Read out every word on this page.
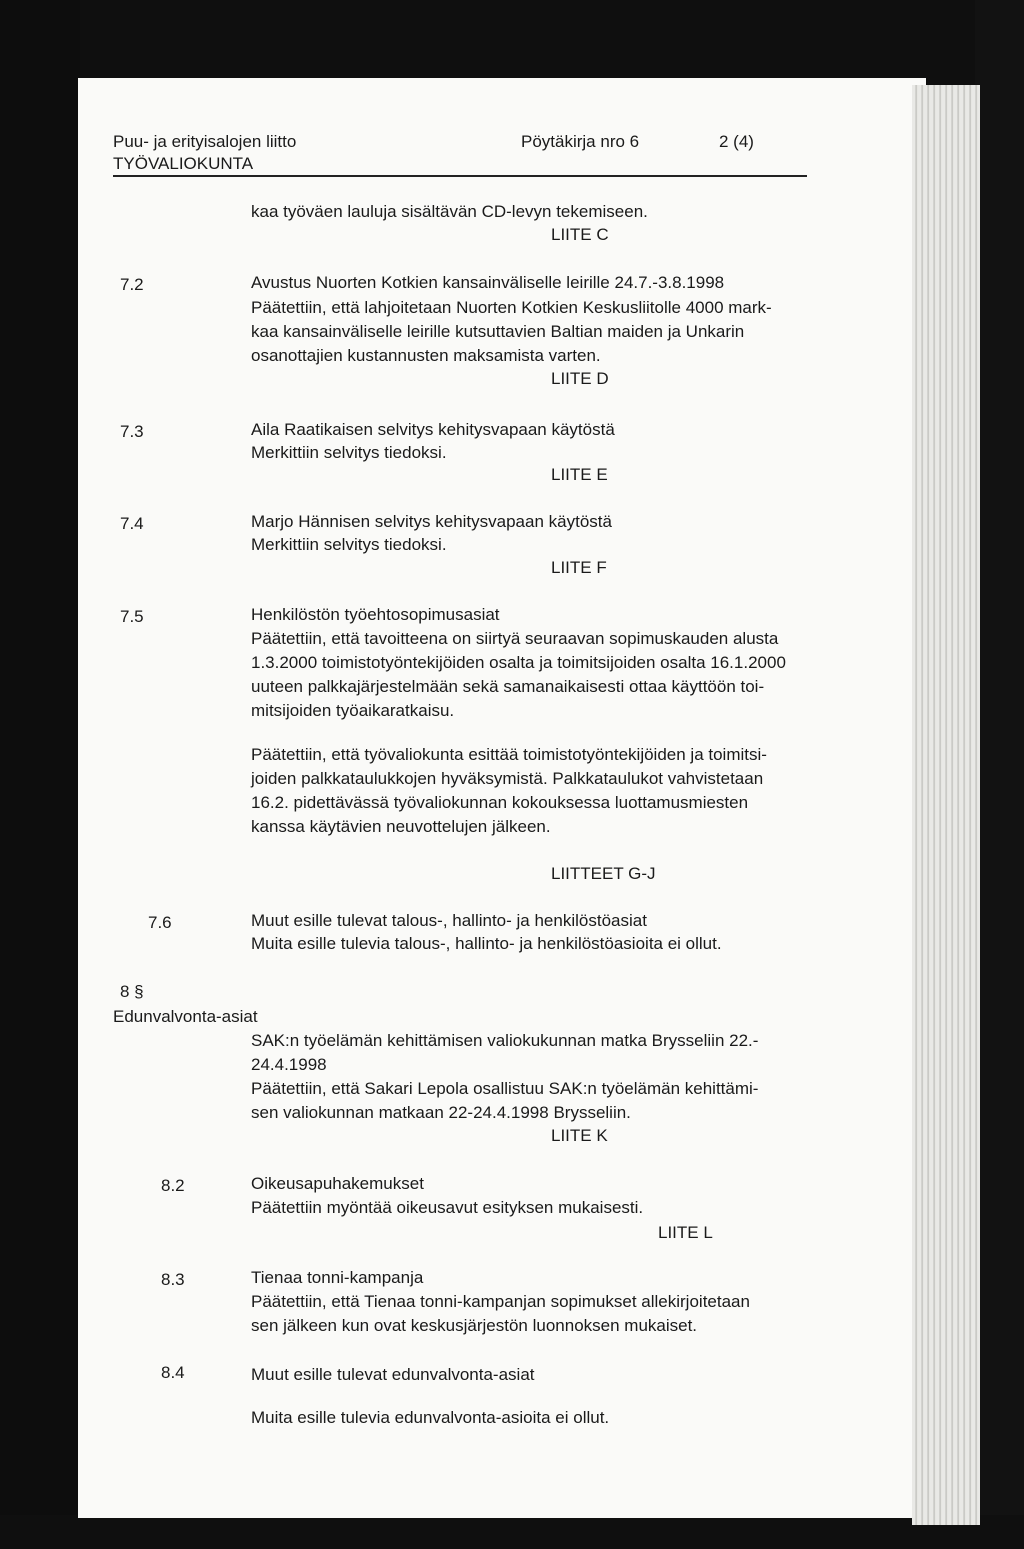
Puu- ja erityisalojen liitto
TYÖVALIOKUNTA
Pöytäkirja nro 6	2 (4)
kaa työväen lauluja sisältävän CD-levyn tekemiseen.
LIITE C
7.2	Avustus Nuorten Kotkien kansainväliselle leirille 24.7.-3.8.1998
Päätettiin, että lahjoitetaan Nuorten Kotkien Keskusliitolle 4000 mark-
kaa kansainväliselle leirille kutsuttavien Baltian maiden ja Unkarin
osanottajien kustannusten maksamista varten.
LIITE D
7.3	Aila Raatikaisen selvitys kehitysvapaan käytöstä
Merkittiin selvitys tiedoksi.
LIITE E
7.4	Marjo Hännisen selvitys kehitysvapaan käytöstä
Merkittiin selvitys tiedoksi.
LIITE F
7.5	Henkilöstön työehtosopimusasiat
Päätettiin, että tavoitteena on siirtyä seuraavan sopimuskauden alusta
1.3.2000 toimistotyöntekijöiden osalta ja toimitsijoiden osalta 16.1.2000
uuteen palkkajärjestelmään sekä samanaikaisesti ottaa käyttöön toi-
mitsijoiden työaikaratkaisu.
Päätettiin, että työvaliokunta esittää toimistotyöntekijöiden ja toimitsi-
joiden palkkataulukkojen hyväksymistä. Palkkataulukot vahvistetaan
16.2. pidettävässä työvaliokunnan kokouksessa luottamusmiesten
kanssa käytävien neuvottelujen jälkeen.
LIITTEET G-J
7.6	Muut esille tulevat talous-, hallinto- ja henkilöstöasiat
Muita esille tulevia talous-, hallinto- ja henkilöstöasioita ei ollut.
8 §
Edunvalvonta-asiat
SAK:n työelämän kehittämisen valiokukunnan matka Brysseliin 22.-
24.4.1998
Päätettiin, että Sakari Lepola osallistuu SAK:n työelämän kehittämi-
sen valiokunnan matkaan 22-24.4.1998 Brysseliin.
LIITE K
8.2	Oikeusapuhakemukset
Päätettiin myöntää oikeusavut esityksen mukaisesti.
LIITE L
8.3	Tienaa tonni-kampanja
Päätettiin, että Tienaa tonni-kampanjan sopimukset allekirjoitetaan
sen jälkeen kun ovat keskusjärjestön luonnoksen mukaiset.
8.4	Muut esille tulevat edunvalvonta-asiat
Muita esille tulevia edunvalvonta-asioita ei ollut.
